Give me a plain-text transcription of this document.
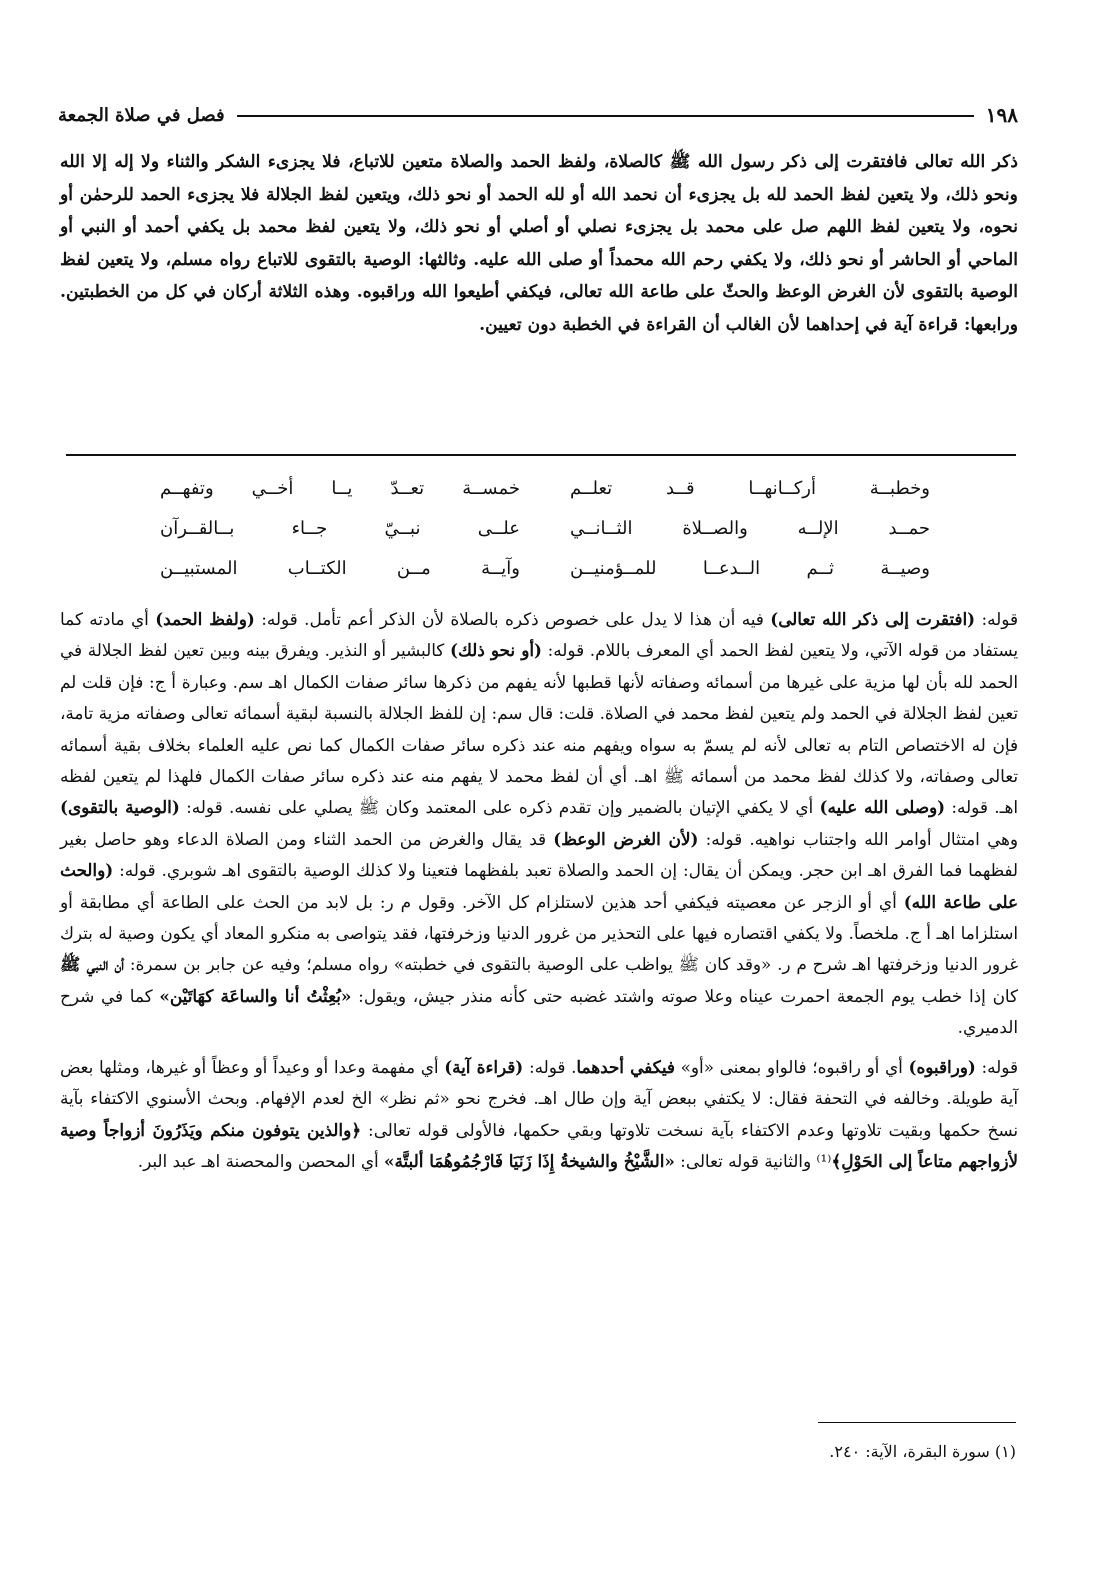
١٩٨
فصل في صلاة الجمعة

ذكر الله تعالى فافتقرت إلى ذكر رسول الله ﷺ كالصلاة، ولفظ الحمد والصلاة متعين للاتباع، فلا يجزىء الشكر والثناء ولا إله إلا الله ونحو ذلك، ولا يتعين لفظ الحمد لله بل يجزىء أن نحمد الله أو لله الحمد أو نحو ذلك، ويتعين لفظ الجلالة فلا يجزىء الحمد للرحمٰن أو نحوه، ولا يتعين لفظ اللهم صل على محمد بل يجزىء نصلي أو أصلي أو نحو ذلك، ولا يتعين لفظ محمد بل يكفي أحمد أو النبي أو الماحي أو الحاشر أو نحو ذلك، ولا يكفي رحم الله محمداً أو صلى الله عليه. وثالثها: الوصية بالتقوى للاتباع رواه مسلم، ولا يتعين لفظ الوصية بالتقوى لأن الغرض الوعظ والحثّ على طاعة الله تعالى، فيكفي أطيعوا الله وراقبوه. وهذه الثلاثة أركان في كل من الخطبتين. ورابعها: قراءة آية في إحداهما لأن الغالب أن القراءة في الخطبة دون تعيين.

وخطبــة أركــانهــا قــد تعلــم
خمســة تعــدّ يــا أخــي وتفهــم
حمــد الإلــه والصــلاة الثــانــي
علــى نبــيّ جــاء بــالقــرآن
وصيــة ثــم الــدعــا للمــؤمنيــن
وآيــة مــن الكتــاب المستبيــن

قوله: (افتقرت إلى ذكر الله تعالى) فيه أن هذا لا يدل على خصوص ذكره بالصلاة لأن الذكر أعم تأمل. قوله: (ولفظ الحمد) أي مادته كما يستفاد من قوله الآتي، ولا يتعين لفظ الحمد أي المعرف باللام. قوله: (أو نحو ذلك) كالبشير أو النذير. ويفرق بينه وبين تعين لفظ الجلالة في الحمد لله بأن لها مزية على غيرها من أسمائه وصفاته لأنها قطبها لأنه يفهم من ذكرها سائر صفات الكمال اهـ سم. وعبارة أ ج: فإن قلت لم تعين لفظ الجلالة في الحمد ولم يتعين لفظ محمد في الصلاة. قلت: قال سم: إن للفظ الجلالة بالنسبة لبقية أسمائه تعالى وصفاته مزية تامة، فإن له الاختصاص التام به تعالى لأنه لم يسمّ به سواه ويفهم منه عند ذكره سائر صفات الكمال كما نص عليه العلماء بخلاف بقية أسمائه تعالى وصفاته، ولا كذلك لفظ محمد من أسمائه ﷺ اهـ. أي أن لفظ محمد لا يفهم منه عند ذكره سائر صفات الكمال فلهذا لم يتعين لفظه اهـ. قوله: (وصلى الله عليه) أي لا يكفي الإتيان بالضمير وإن تقدم ذكره على المعتمد وكان ﷺ يصلي على نفسه. قوله: (الوصية بالتقوى) وهي امتثال أوامر الله واجتناب نواهيه. قوله: (لأن الغرض الوعظ) قد يقال والغرض من الحمد الثناء ومن الصلاة الدعاء وهو حاصل بغير لفظهما فما الفرق اهـ ابن حجر. ويمكن أن يقال: إن الحمد والصلاة تعبد بلفظهما فتعينا ولا كذلك الوصية بالتقوى اهـ شوبري. قوله: (والحث على طاعة الله) أي أو الزجر عن معصيته فيكفي أحد هذين لاستلزام كل الآخر. وقول م ر: بل لابد من الحث على الطاعة أي مطابقة أو استلزاما اهـ أ ج. ملخصاً. ولا يكفي اقتصاره فيها على التحذير من غرور الدنيا وزخرفتها، فقد يتواصى به منكرو المعاد أي يكون وصية له بترك غرور الدنيا وزخرفتها اهـ شرح م ر. «وقد كان ﷺ يواظب على الوصية بالتقوى في خطبته» رواه مسلم؛ وفيه عن جابر بن سمرة: أن النبي ﷺ كان إذا خطب يوم الجمعة احمرت عيناه وعلا صوته واشتد غضبه حتى كأنه منذر جيش، ويقول: «بُعِثْتُ أنا والساعَة كهَاتَيْن» كما في شرح الدميري.

قوله: (وراقبوه) أي أو راقبوه؛ فالواو بمعنى «أو» فيكفي أحدهما. قوله: (قراءة آية) أي مفهمة وعدا أو وعيداً أو وعظاً أو غيرها، ومثلها بعض آية طويلة. وخالفه في التحفة فقال: لا يكتفي ببعض آية وإن طال اهـ. فخرج نحو «ثم نظر» الخ لعدم الإفهام. وبحث الأسنوي الاكتفاء بآية نسخ حكمها وبقيت تلاوتها وعدم الاكتفاء بآية نسخت تلاوتها وبقي حكمها، فالأولى قوله تعالى: ﴿والذين يتوفون منكم ويَذَرُونَ أزواجاً وصية لأزواجهم متاعاً إلى الحَوْلِ﴾⁽¹⁾ والثانية قوله تعالى: «الشَّيْخُ والشيخةُ إِذَا زَنَيَا فَارْجُمُوهُمَا ألبتَّة» أي المحصن والمحصنة اهـ عبد البر.

(١) سورة البقرة، الآية: ٢٤٠.
